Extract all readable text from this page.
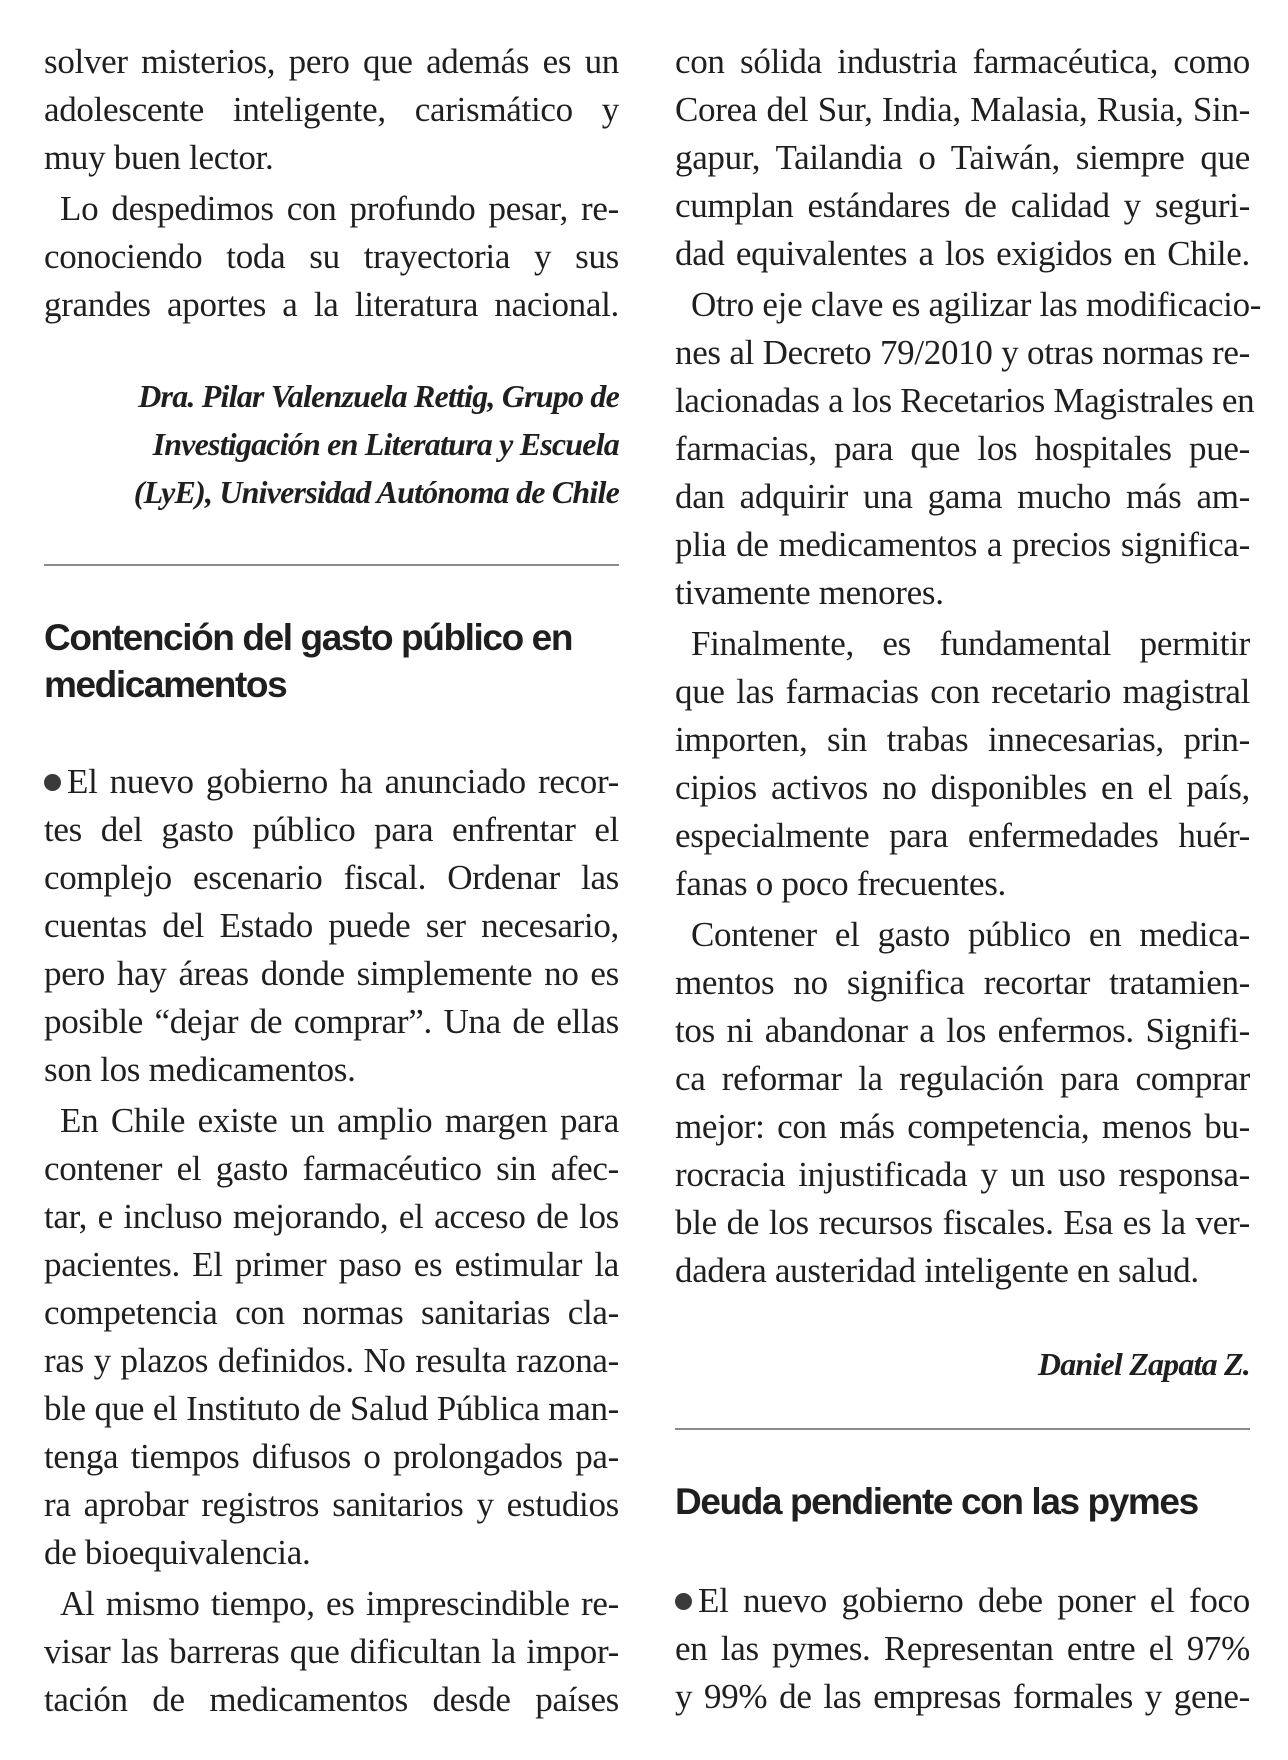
solver misterios, pero que además es un
adolescente inteligente, carismático y
muy buen lector.
Lo despedimos con profundo pesar, re-
conociendo toda su trayectoria y sus
grandes aportes a la literatura nacional.
Dra. Pilar Valenzuela Rettig, Grupo de
Investigación en Literatura y Escuela
(LyE), Universidad Autónoma de Chile
Contención del gasto público en
medicamentos
El nuevo gobierno ha anunciado recor-
tes del gasto público para enfrentar el
complejo escenario fiscal. Ordenar las
cuentas del Estado puede ser necesario,
pero hay áreas donde simplemente no es
posible “dejar de comprar”. Una de ellas
son los medicamentos.
En Chile existe un amplio margen para
contener el gasto farmacéutico sin afec-
tar, e incluso mejorando, el acceso de los
pacientes. El primer paso es estimular la
competencia con normas sanitarias cla-
ras y plazos definidos. No resulta razona-
ble que el Instituto de Salud Pública man-
tenga tiempos difusos o prolongados pa-
ra aprobar registros sanitarios y estudios
de bioequivalencia.
Al mismo tiempo, es imprescindible re-
visar las barreras que dificultan la impor-
tación de medicamentos desde países
con sólida industria farmacéutica, como
Corea del Sur, India, Malasia, Rusia, Sin-
gapur, Tailandia o Taiwán, siempre que
cumplan estándares de calidad y seguri-
dad equivalentes a los exigidos en Chile.
Otro eje clave es agilizar las modificacio-
nes al Decreto 79/2010 y otras normas re-
lacionadas a los Recetarios Magistrales en
farmacias, para que los hospitales pue-
dan adquirir una gama mucho más am-
plia de medicamentos a precios significa-
tivamente menores.
Finalmente, es fundamental permitir
que las farmacias con recetario magistral
importen, sin trabas innecesarias, prin-
cipios activos no disponibles en el país,
especialmente para enfermedades huér-
fanas o poco frecuentes.
Contener el gasto público en medica-
mentos no significa recortar tratamien-
tos ni abandonar a los enfermos. Signifi-
ca reformar la regulación para comprar
mejor: con más competencia, menos bu-
rocracia injustificada y un uso responsa-
ble de los recursos fiscales. Esa es la ver-
dadera austeridad inteligente en salud.
Daniel Zapata Z.
Deuda pendiente con las pymes
El nuevo gobierno debe poner el foco
en las pymes. Representan entre el 97%
y 99% de las empresas formales y gene-
